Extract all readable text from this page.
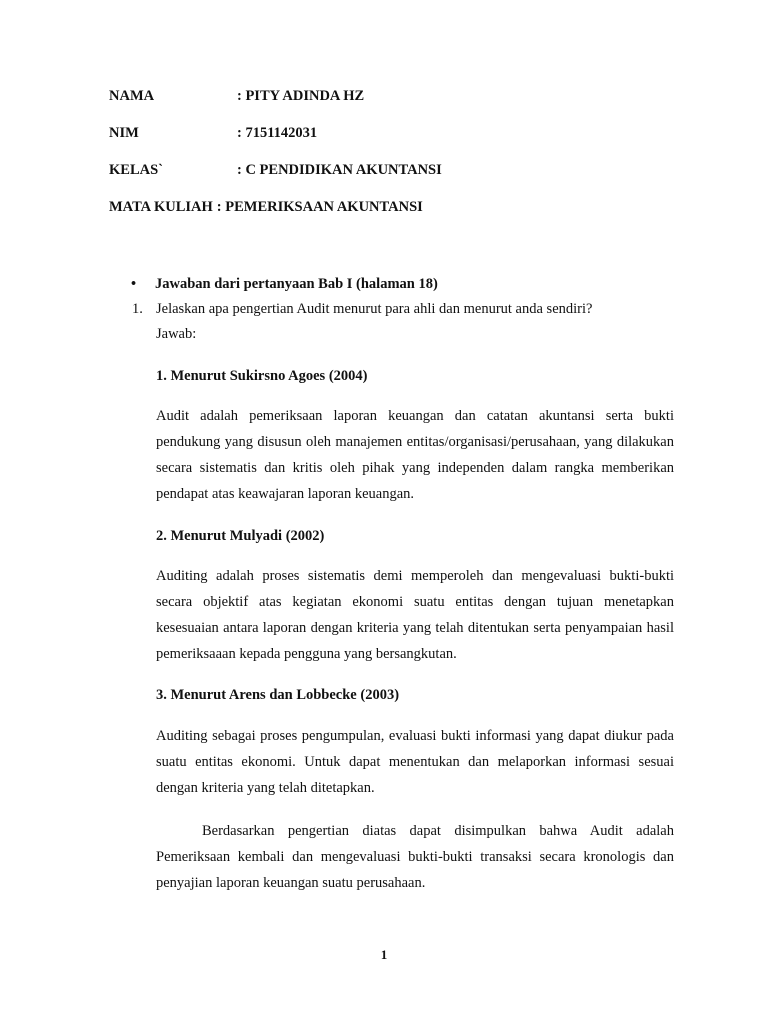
NAMA	: PITY ADINDA HZ
NIM	: 7151142031
KELAS`	: C PENDIDIKAN AKUNTANSI
MATA KULIAH : PEMERIKSAAN AKUNTANSI
• Jawaban dari pertanyaan Bab I (halaman 18)
1. Jelaskan apa pengertian Audit menurut para ahli dan menurut anda sendiri?
Jawab:
1. Menurut Sukirsno Agoes (2004)
Audit adalah pemeriksaan laporan keuangan dan catatan akuntansi serta bukti pendukung yang disusun oleh manajemen entitas/organisasi/perusahaan, yang dilakukan secara sistematis dan kritis oleh pihak yang independen dalam rangka memberikan pendapat atas keawajaran laporan keuangan.
2. Menurut Mulyadi (2002)
Auditing adalah proses sistematis demi memperoleh dan mengevaluasi bukti-bukti secara objektif atas kegiatan ekonomi suatu entitas dengan tujuan menetapkan kesesuaian antara laporan dengan kriteria yang telah ditentukan serta penyampaian hasil pemeriksaaan kepada pengguna yang bersangkutan.
3. Menurut Arens dan Lobbecke (2003)
Auditing sebagai proses pengumpulan, evaluasi bukti informasi yang dapat diukur pada suatu entitas ekonomi. Untuk dapat menentukan dan melaporkan informasi sesuai dengan kriteria yang telah ditetapkan.
Berdasarkan pengertian diatas dapat disimpulkan bahwa Audit adalah Pemeriksaan kembali dan mengevaluasi bukti-bukti transaksi secara kronologis dan penyajian laporan keuangan suatu perusahaan.
1
